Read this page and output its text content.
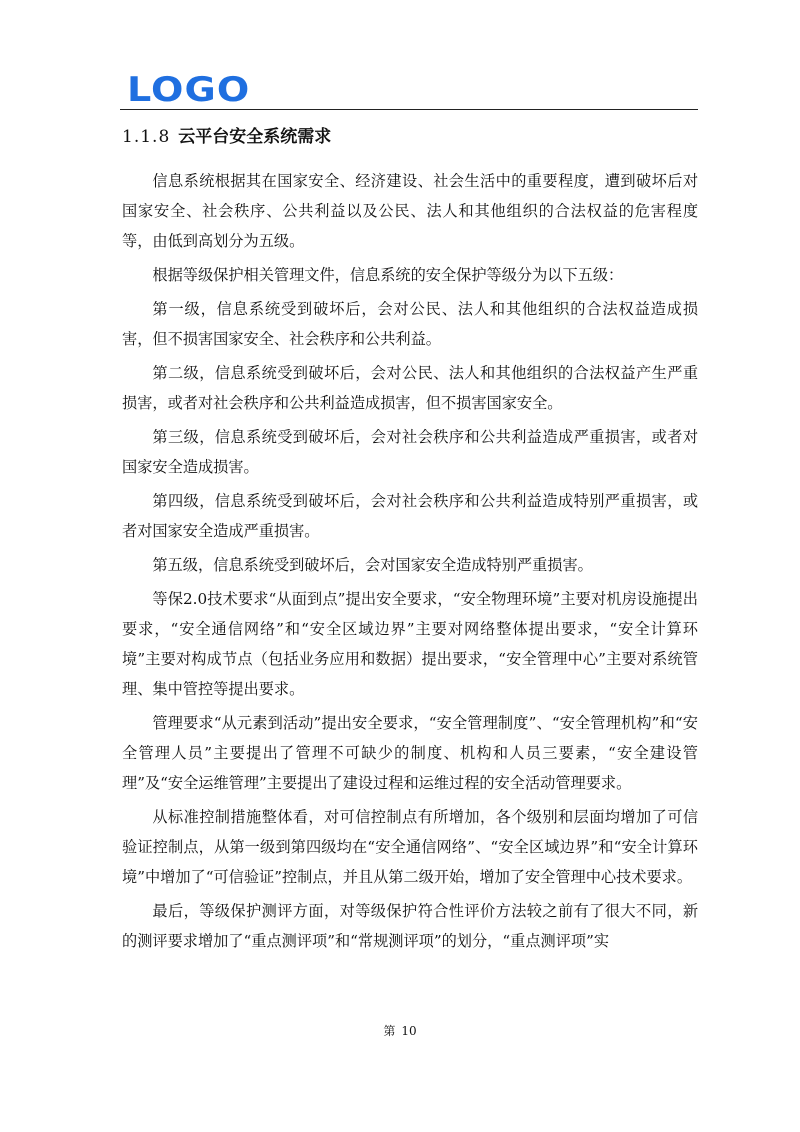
LOGO
1.1.8 云平台安全系统需求

信息系统根据其在国家安全、经济建设、社会生活中的重要程度，遭到破坏后对国家安全、社会秩序、公共利益以及公民、法人和其他组织的合法权益的危害程度等，由低到高划分为五级。

根据等级保护相关管理文件，信息系统的安全保护等级分为以下五级：

第一级，信息系统受到破坏后，会对公民、法人和其他组织的合法权益造成损害，但不损害国家安全、社会秩序和公共利益。

第二级，信息系统受到破坏后，会对公民、法人和其他组织的合法权益产生严重损害，或者对社会秩序和公共利益造成损害，但不损害国家安全。

第三级，信息系统受到破坏后，会对社会秩序和公共利益造成严重损害，或者对国家安全造成损害。

第四级，信息系统受到破坏后，会对社会秩序和公共利益造成特别严重损害，或者对国家安全造成严重损害。

第五级，信息系统受到破坏后，会对国家安全造成特别严重损害。

等保2.0技术要求“从面到点”提出安全要求，“安全物理环境”主要对机房设施提出要求，“安全通信网络”和“安全区域边界”主要对网络整体提出要求，“安全计算环境”主要对构成节点（包括业务应用和数据）提出要求，“安全管理中心”主要对系统管理、集中管控等提出要求。

管理要求“从元素到活动”提出安全要求，“安全管理制度”、“安全管理机构”和“安全管理人员”主要提出了管理不可缺少的制度、机构和人员三要素，“安全建设管理”及“安全运维管理”主要提出了建设过程和运维过程的安全活动管理要求。

从标准控制措施整体看，对可信控制点有所增加，各个级别和层面均增加了可信验证控制点，从第一级到第四级均在“安全通信网络”、“安全区域边界”和“安全计算环境”中增加了“可信验证”控制点，并且从第二级开始，增加了安全管理中心技术要求。

最后，等级保护测评方面，对等级保护符合性评价方法较之前有了很大不同，新的测评要求增加了“重点测评项”和“常规测评项”的划分，“重点测评项”实

第 10
